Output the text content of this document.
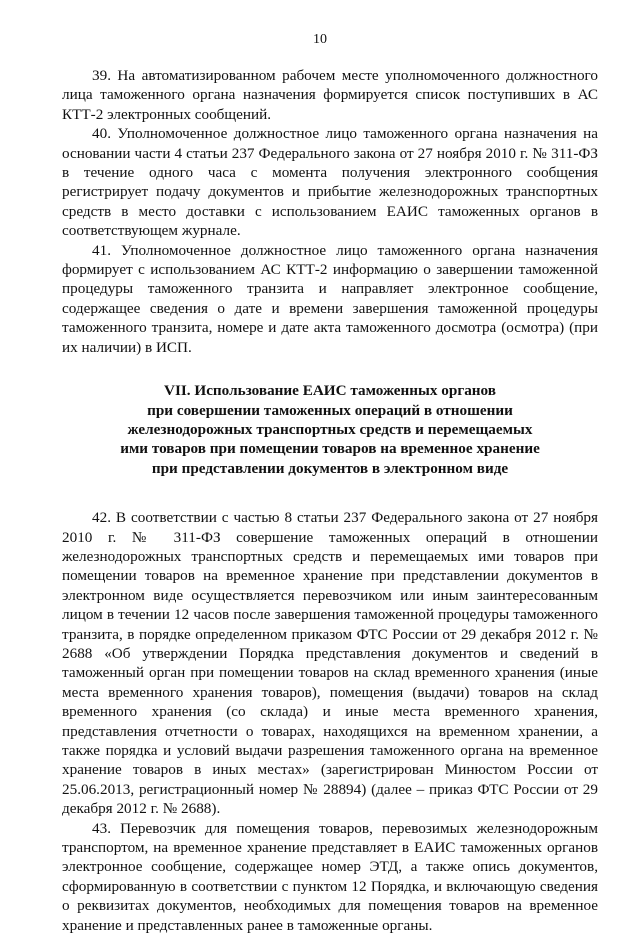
10

39. На автоматизированном рабочем месте уполномоченного должностного лица таможенного органа назначения формируется список поступивших в АС КТТ-2 электронных сообщений.

40. Уполномоченное должностное лицо таможенного органа назначения на основании части 4 статьи 237 Федерального закона от 27 ноября 2010 г. № 311-ФЗ в течение одного часа с момента получения электронного сообщения регистрирует подачу документов и прибытие железнодорожных транспортных средств в место доставки с использованием ЕАИС таможенных органов в соответствующем журнале.

41. Уполномоченное должностное лицо таможенного органа назначения формирует с использованием АС КТТ-2 информацию о завершении таможенной процедуры таможенного транзита и направляет электронное сообщение, содержащее сведения о дате и времени завершения таможенной процедуры таможенного транзита, номере и дате акта таможенного досмотра (осмотра) (при их наличии) в ИСП.

VII. Использование ЕАИС таможенных органов
при совершении таможенных операций в отношении
железнодорожных транспортных средств и перемещаемых
ими товаров при помещении товаров на временное хранение
при представлении документов в электронном виде

42. В соответствии с частью 8 статьи 237 Федерального закона от 27 ноября 2010 г. № 311-ФЗ совершение таможенных операций в отношении железнодорожных транспортных средств и перемещаемых ими товаров при помещении товаров на временное хранение при представлении документов в электронном виде осуществляется перевозчиком или иным заинтересованным лицом в течении 12 часов после завершения таможенной процедуры таможенного транзита, в порядке определенном приказом ФТС России от 29 декабря 2012 г. № 2688 «Об утверждении Порядка представления документов и сведений в таможенный орган при помещении товаров на склад временного хранения (иные места временного хранения товаров), помещения (выдачи) товаров на склад временного хранения (со склада) и иные места временного хранения, представления отчетности о товарах, находящихся на временном хранении, а также порядка и условий выдачи разрешения таможенного органа на временное хранение товаров в иных местах» (зарегистрирован Минюстом России от 25.06.2013, регистрационный номер № 28894) (далее – приказ ФТС России от 29 декабря 2012 г. № 2688).

43. Перевозчик для помещения товаров, перевозимых железнодорожным транспортом, на временное хранение представляет в ЕАИС таможенных органов электронное сообщение, содержащее номер ЭТД, а также опись документов, сформированную в соответствии с пунктом 12 Порядка, и включающую сведения о реквизитах документов, необходимых для помещения товаров на временное хранение и представленных ранее в таможенные органы.
